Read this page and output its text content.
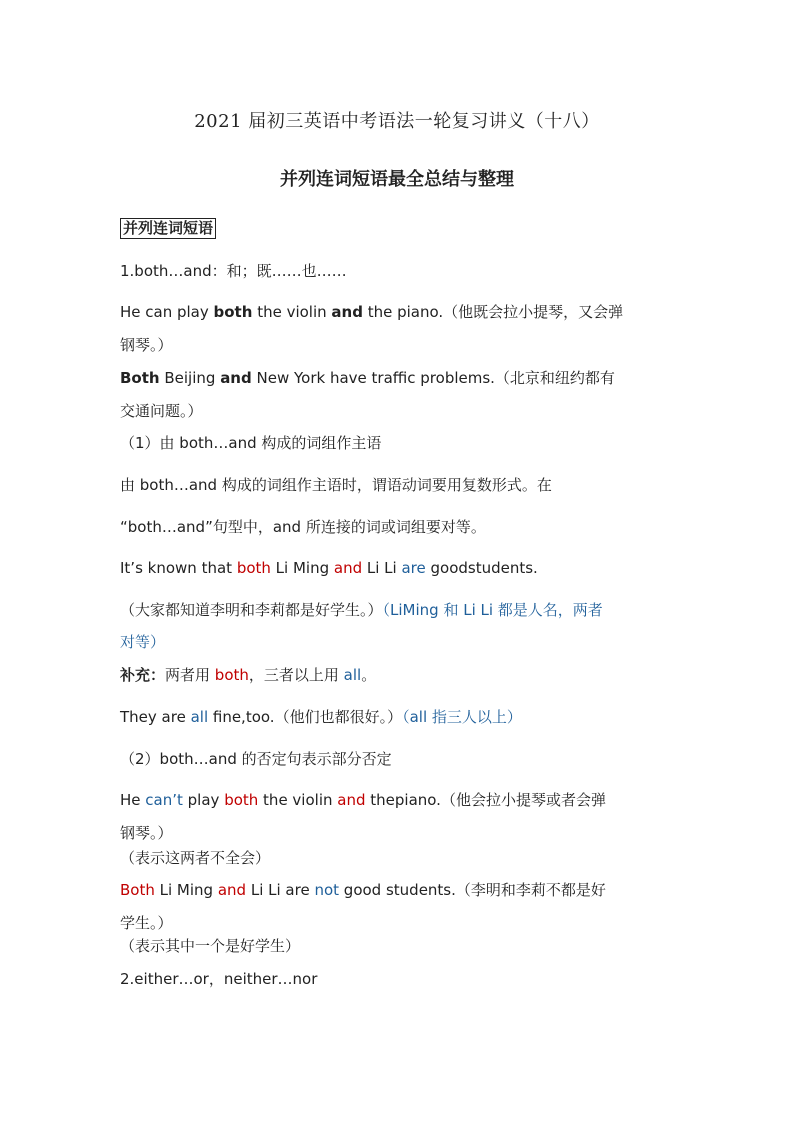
2021 届初三英语中考语法一轮复习讲义（十八）
并列连词短语最全总结与整理
并列连词短语
1.both…and：和；既……也……
He can play both the violin and the piano.（他既会拉小提琴，又会弹
钢琴。）
Both Beijing and New York have traffic problems.（北京和纽约都有
交通问题。）
（1）由 both…and 构成的词组作主语
由 both…and 构成的词组作主语时，谓语动词要用复数形式。在
“both…and”句型中，and 所连接的词或词组要对等。
It’s known that both Li Ming and Li Li are goodstudents.
（大家都知道李明和李莉都是好学生。）（LiMing 和 Li Li 都是人名，两者
对等）
补充：两者用 both，三者以上用 all。
They are all fine,too.（他们也都很好。）（all 指三人以上）
（2）both…and 的否定句表示部分否定
He can’t play both the violin and thepiano.（他会拉小提琴或者会弹
钢琴。）
（表示这两者不全会）
Both Li Ming and Li Li are not good students.（李明和李莉不都是好
学生。）
（表示其中一个是好学生）
2.either…or，neither…nor
